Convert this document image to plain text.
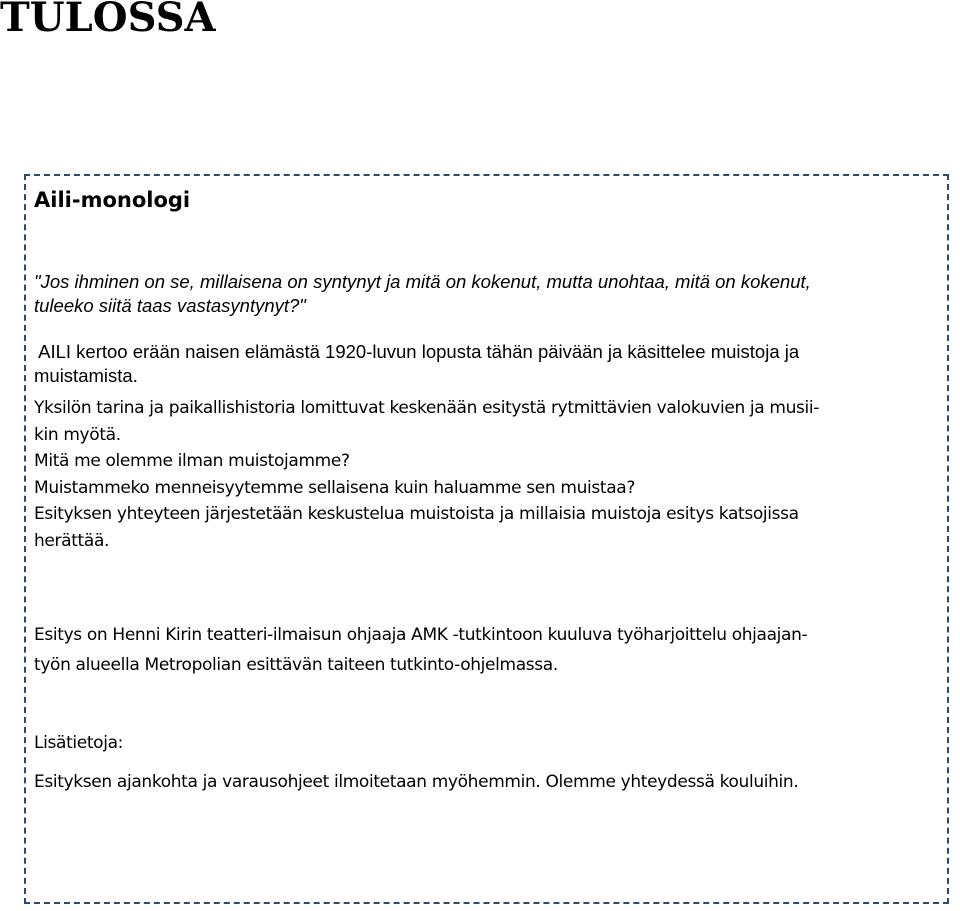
TULOSSA
Aili-monologi
"Jos ihminen on se, millaisena on syntynyt ja mitä on kokenut, mutta unohtaa, mitä on kokenut,
tuleeko siitä taas vastasyntynyt?"
AILI kertoo erään naisen elämästä 1920-luvun lopusta tähän päivään ja käsittelee muistoja ja
muistamista.
Yksilön tarina ja paikallishistoria lomittuvat keskenään esitystä rytmittävien valokuvien ja musii-
kin myötä.
Mitä me olemme ilman muistojamme?
Muistammeko menneisyytemme sellaisena kuin haluamme sen muistaa?
Esityksen yhteyteen järjestetään keskustelua muistoista ja millaisia muistoja esitys katsojissa
herättää.
Esitys on Henni Kirin teatteri-ilmaisun ohjaaja AMK -tutkintoon kuuluva työharjoittelu ohjaajan-
työn alueella Metropolian esittävän taiteen tutkinto-ohjelmassa.
Lisätietoja:
Esityksen ajankohta ja varausohjeet ilmoitetaan myöhemmin. Olemme yhteydessä kouluihin.
